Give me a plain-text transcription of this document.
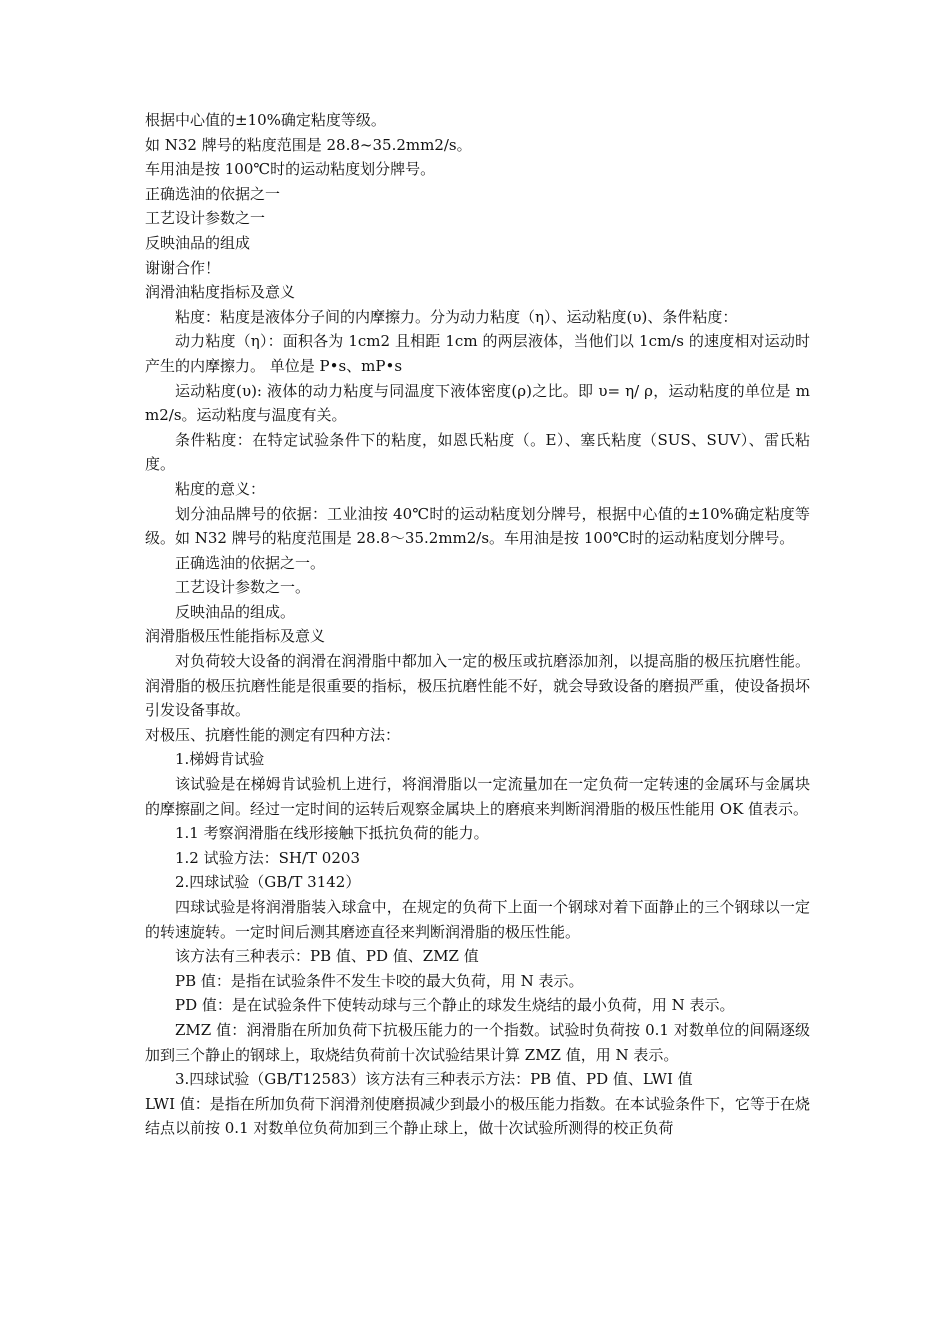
根据中心值的±10%确定粘度等级。

如 N32 牌号的粘度范围是 28.8~35.2mm2/s。

车用油是按 100℃时的运动粘度划分牌号。

正确选油的依据之一

工艺设计参数之一

反映油品的组成

谢谢合作！

润滑油粘度指标及意义

粘度：粘度是液体分子间的内摩擦力。分为动力粘度（η）、运动粘度(υ)、条件粘度：

动力粘度（η）：面积各为 1cm2 且相距 1cm 的两层液体，当他们以 1cm/s 的速度相对运动时产生的内摩擦力。 单位是 P•s、mP•s

运动粘度(υ): 液体的动力粘度与同温度下液体密度(ρ)之比。即 υ= η/ ρ，运动粘度的单位是 mm2/s。运动粘度与温度有关。

条件粘度：在特定试验条件下的粘度，如恩氏粘度（。E）、塞氏粘度（SUS、SUV）、雷氏粘度。

粘度的意义：

划分油品牌号的依据：工业油按 40℃时的运动粘度划分牌号，根据中心值的±10%确定粘度等级。如 N32 牌号的粘度范围是 28.8～35.2mm2/s。车用油是按 100℃时的运动粘度划分牌号。

正确选油的依据之一。

工艺设计参数之一。

反映油品的组成。

润滑脂极压性能指标及意义

对负荷较大设备的润滑在润滑脂中都加入一定的极压或抗磨添加剂，以提高脂的极压抗磨性能。润滑脂的极压抗磨性能是很重要的指标，极压抗磨性能不好，就会导致设备的磨损严重，使设备损坏引发设备事故。

对极压、抗磨性能的测定有四种方法：

1.梯姆肯试验

该试验是在梯姆肯试验机上进行，将润滑脂以一定流量加在一定负荷一定转速的金属环与金属块的摩擦副之间。经过一定时间的运转后观察金属块上的磨痕来判断润滑脂的极压性能用 OK 值表示。

1.1 考察润滑脂在线形接触下抵抗负荷的能力。

1.2 试验方法：SH/T 0203

2.四球试验（GB/T 3142）

四球试验是将润滑脂装入球盒中，在规定的负荷下上面一个钢球对着下面静止的三个钢球以一定的转速旋转。一定时间后测其磨迹直径来判断润滑脂的极压性能。

该方法有三种表示：PB 值、PD 值、ZMZ 值

PB 值：是指在试验条件不发生卡咬的最大负荷，用 N 表示。

PD 值：是在试验条件下使转动球与三个静止的球发生烧结的最小负荷，用 N 表示。

ZMZ 值：润滑脂在所加负荷下抗极压能力的一个指数。试验时负荷按 0.1 对数单位的间隔逐级加到三个静止的钢球上，取烧结负荷前十次试验结果计算 ZMZ 值，用 N 表示。

3.四球试验（GB/T12583）该方法有三种表示方法：PB 值、PD 值、LWI 值

LWI 值：是指在所加负荷下润滑剂使磨损减少到最小的极压能力指数。在本试验条件下，它等于在烧结点以前按 0.1 对数单位负荷加到三个静止球上，做十次试验所测得的校正负荷
